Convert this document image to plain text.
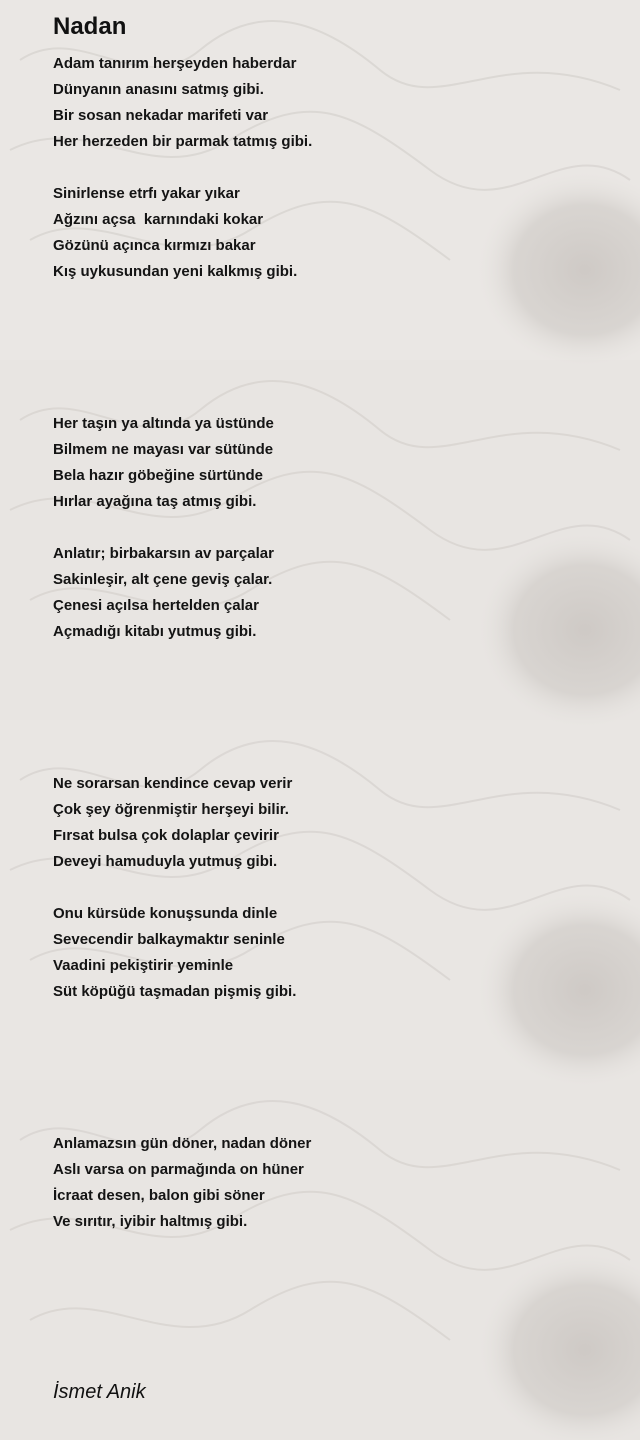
Nadan
Adam tanırım herşeyden haberdar
Dünyanın anasını satmış gibi.
Bir sosan nekadar marifeti var
Her herzeden bir parmak tatmış gibi.
Sinirlense etrfı yakar yıkar
Ağzını açsa  karnındaki kokar
Gözünü açınca kırmızı bakar
Kış uykusundan yeni kalkmış gibi.
Her taşın ya altında ya üstünde
Bilmem ne mayası var sütünde
Bela hazır göbeğine sürtünde
Hırlar ayağına taş atmış gibi.
Anlatır; birbakarsın av parçalar
Sakinleşir, alt çene geviş çalar.
Çenesi açılsa hertelden çalar
Açmadığı kitabı yutmuş gibi.
Ne sorarsan kendince cevap verir
Çok şey öğrenmiştir herşeyi bilir.
Fırsat bulsa çok dolaplar çevirir
Deveyi hamuduyla yutmuş gibi.
Onu kürsüde konuşsunda dinle
Sevecendir balkaymaktır seninle
Vaadini pekiştirir yeminle
Süt köpüğü taşmadan pişmiş gibi.
Anlamazsın gün döner, nadan döner
Aslı varsa on parmağında on hüner
İcraat desen, balon gibi söner
Ve sırıtır, iyibir haltmış gibi.
İsmet Anik
